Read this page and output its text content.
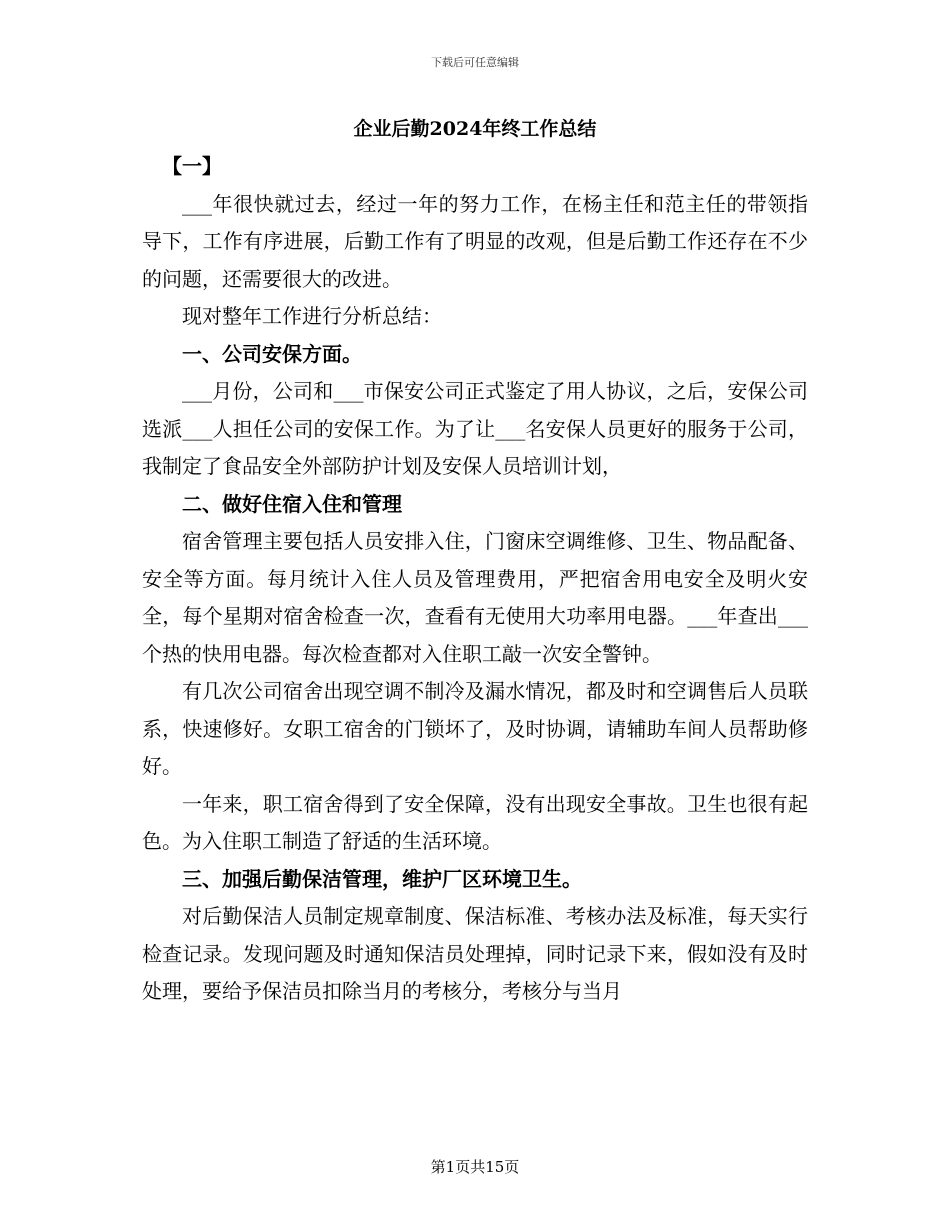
下载后可任意编辑
企业后勤2024年终工作总结

【一】

___年很快就过去，经过一年的努力工作，在杨主任和范主任的带领指导下，工作有序进展，后勤工作有了明显的改观，但是后勤工作还存在不少的问题，还需要很大的改进。

现对整年工作进行分析总结：

一、公司安保方面。

___月份，公司和___市保安公司正式鉴定了用人协议，之后，安保公司选派___人担任公司的安保工作。为了让___名安保人员更好的服务于公司，我制定了食品安全外部防护计划及安保人员培训计划，

二、做好住宿入住和管理

宿舍管理主要包括人员安排入住，门窗床空调维修、卫生、物品配备、安全等方面。每月统计入住人员及管理费用，严把宿舍用电安全及明火安全，每个星期对宿舍检查一次，查看有无使用大功率用电器。___年查出___个热的快用电器。每次检查都对入住职工敲一次安全警钟。

有几次公司宿舍出现空调不制冷及漏水情况，都及时和空调售后人员联系，快速修好。女职工宿舍的门锁坏了，及时协调，请辅助车间人员帮助修好。

一年来，职工宿舍得到了安全保障，没有出现安全事故。卫生也很有起色。为入住职工制造了舒适的生活环境。

三、加强后勤保洁管理，维护厂区环境卫生。

对后勤保洁人员制定规章制度、保洁标准、考核办法及标准，每天实行检查记录。发现问题及时通知保洁员处理掉，同时记录下来，假如没有及时处理，要给予保洁员扣除当月的考核分，考核分与当月

第1页共15页
